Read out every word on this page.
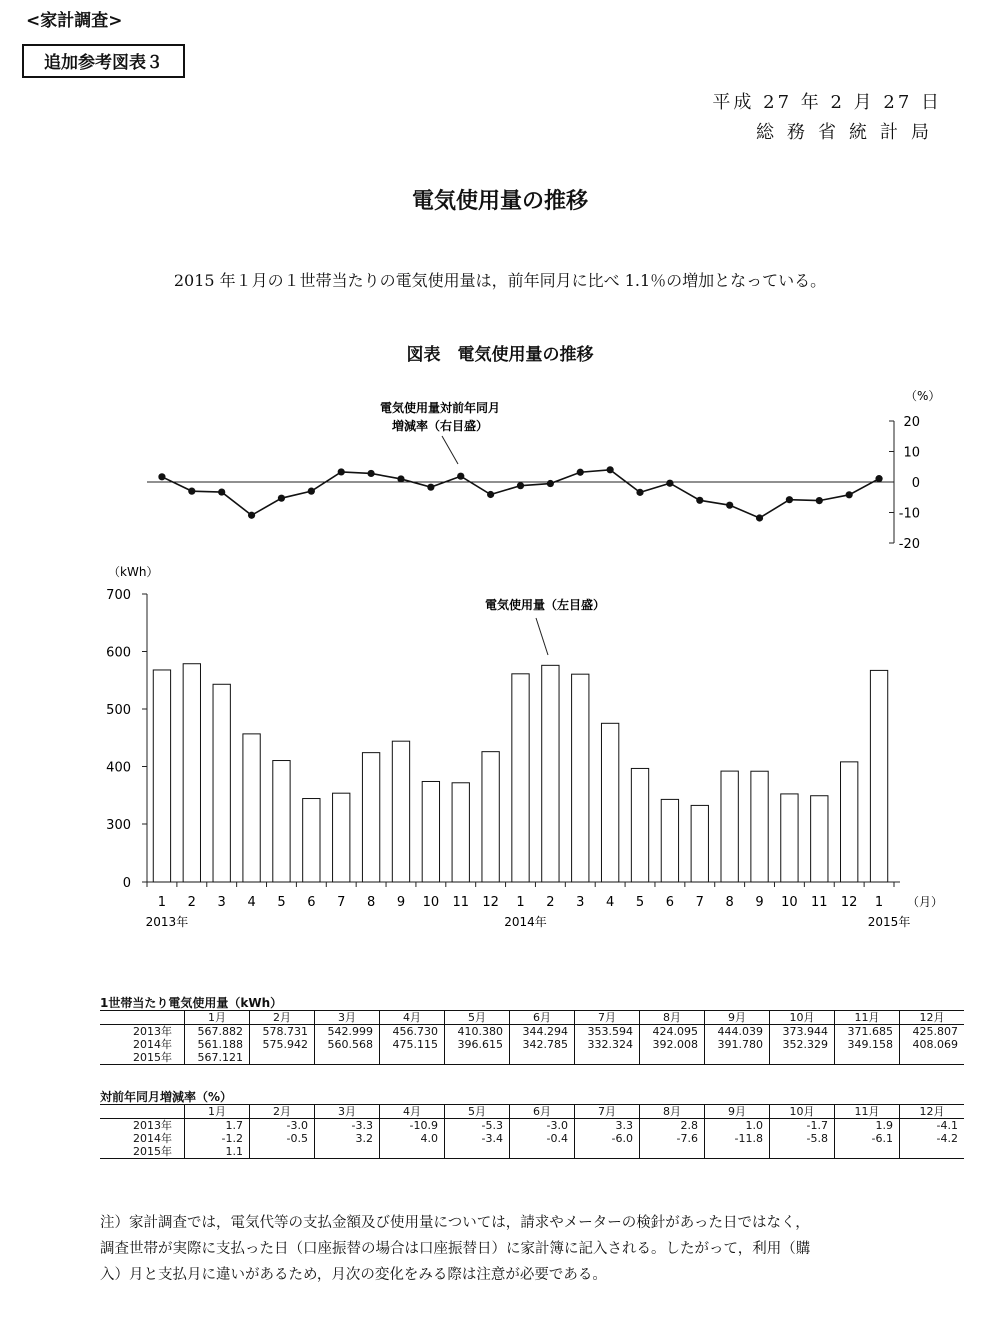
<家計調査>
追加参考図表３
平成 27 年 2 月 27 日
総務省統計局
電気使用量の推移
2015 年１月の１世帯当たりの電気使用量は，前年同月に比べ 1.1％の増加となっている。
図表　電気使用量の推移
20
10
0
-10
-20
（%）
電気使用量対前年同月
増減率（右目盛）
0
300
400
500
600
700
（kWh）
1 2 3 4 5 6 7 8 9 10 11 12 1 2 3 4 5 6 7 8 9 10 11 12 1 （月）
2013年	2014年	2015年
電気使用量（左目盛）
1世帯当たり電気使用量（kWh）
	1月	2月	3月	4月	5月	6月	7月	8月	9月	10月	11月	12月
2013年	567.882	578.731	542.999	456.730	410.380	344.294	353.594	424.095	444.039	373.944	371.685	425.807
2014年	561.188	575.942	560.568	475.115	396.615	342.785	332.324	392.008	391.780	352.329	349.158	408.069
2015年	567.121											
対前年同月増減率（%）
	1月	2月	3月	4月	5月	6月	7月	8月	9月	10月	11月	12月
2013年	1.7	-3.0	-3.3	-10.9	-5.3	-3.0	3.3	2.8	1.0	-1.7	1.9	-4.1
2014年	-1.2	-0.5	3.2	4.0	-3.4	-0.4	-6.0	-7.6	-11.8	-5.8	-6.1	-4.2
2015年	1.1											
注）家計調査では，電気代等の支払金額及び使用量については，請求やメーターの検針があった日ではなく，
調査世帯が実際に支払った日（口座振替の場合は口座振替日）に家計簿に記入される。したがって，利用（購
入）月と支払月に違いがあるため，月次の変化をみる際は注意が必要である。
